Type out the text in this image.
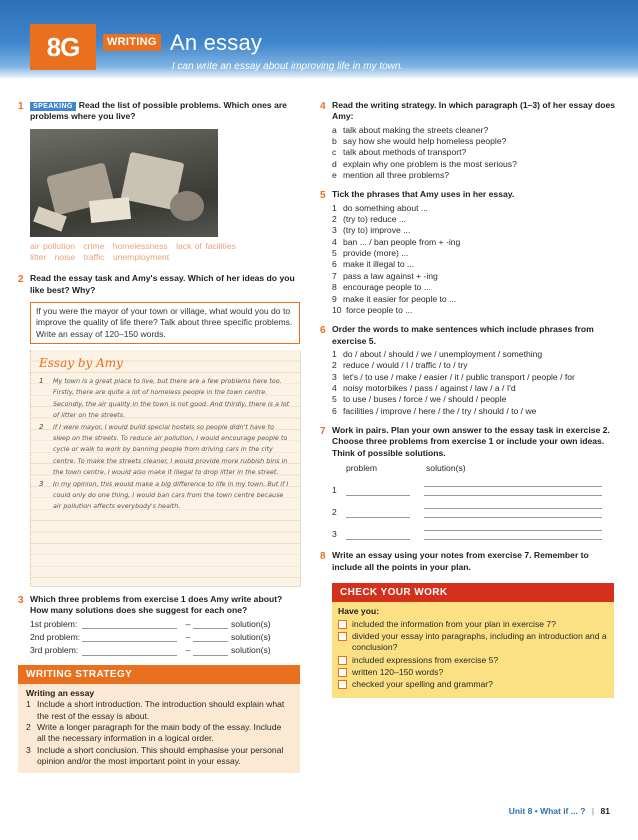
8G	WRITING An essay
I can write an essay about improving life in my town.
1	SPEAKING Read the list of possible problems. Which ones are problems where you live?
air pollution crime homelessness lack of facilities
litter noise traffic unemployment
2 Read the essay task and Amy's essay. Which of her ideas do you like best? Why?
If you were the mayor of your town or village, what would you do to improve the quality of life there? Talk about three specific problems. Write an essay of 120–150 words.
Essay by Amy
1 My town is a great place to live, but there are a few problems here too. Firstly, there are quite a lot of homeless people in the town centre. Secondly, the air quality in the town is not good. And thirdly, there is a lot of litter on the streets.
2 If I were mayor, I would build special hostels so people didn't have to sleep on the streets. To reduce air pollution, I would encourage people to cycle or walk to work by banning people from driving cars in the city centre. To make the streets cleaner, I would provide more rubbish bins in the town centre. I would also make it illegal to drop litter in the street.
3 In my opinion, this would make a big difference to life in my town. But if I could only do one thing, I would ban cars from the town centre because air pollution affects everybody's health.
3 Which three problems from exercise 1 does Amy write about? How many solutions does she suggest for each one?
1st problem:	–	solution(s)
2nd problem:	–	solution(s)
3rd problem:	–	solution(s)
WRITING STRATEGY
Writing an essay
1 Include a short introduction. The introduction should explain what the rest of the essay is about.
2 Write a longer paragraph for the main body of the essay. Include all the necessary information in a logical order.
3 Include a short conclusion. This should emphasise your personal opinion and/or the most important point in your essay.
4 Read the writing strategy. In which paragraph (1–3) of her essay does Amy:
a talk about making the streets cleaner?
b say how she would help homeless people?
c talk about methods of transport?
d explain why one problem is the most serious?
e mention all three problems?
5 Tick the phrases that Amy uses in her essay.
1 do something about ...
2 (try to) reduce ...
3 (try to) improve ...
4 ban ... / ban people from + -ing
5 provide (more) ...
6 make it illegal to ...
7 pass a law against + -ing
8 encourage people to ...
9 make it easier for people to ...
10 force people to ...
6 Order the words to make sentences which include phrases from exercise 5.
1 do / about / should / we / unemployment / something
2 reduce / would / I / traffic / to / try
3 let's / to use / make / easier / it / public transport / people / for
4 noisy motorbikes / pass / against / law / a / I'd
5 to use / buses / force / we / should / people
6 facilities / improve / here / the / try / should / to / we
7 Work in pairs. Plan your own answer to the essay task in exercise 2. Choose three problems from exercise 1 or include your own ideas. Think of possible solutions.
problem	solution(s)
1
2
3
8 Write an essay using your notes from exercise 7. Remember to include all the points in your plan.
CHECK YOUR WORK
Have you:
included the information from your plan in exercise 7?
divided your essay into paragraphs, including an introduction and a conclusion?
included expressions from exercise 5?
written 120–150 words?
checked your spelling and grammar?
Unit 8 • What if ... ? | 81
